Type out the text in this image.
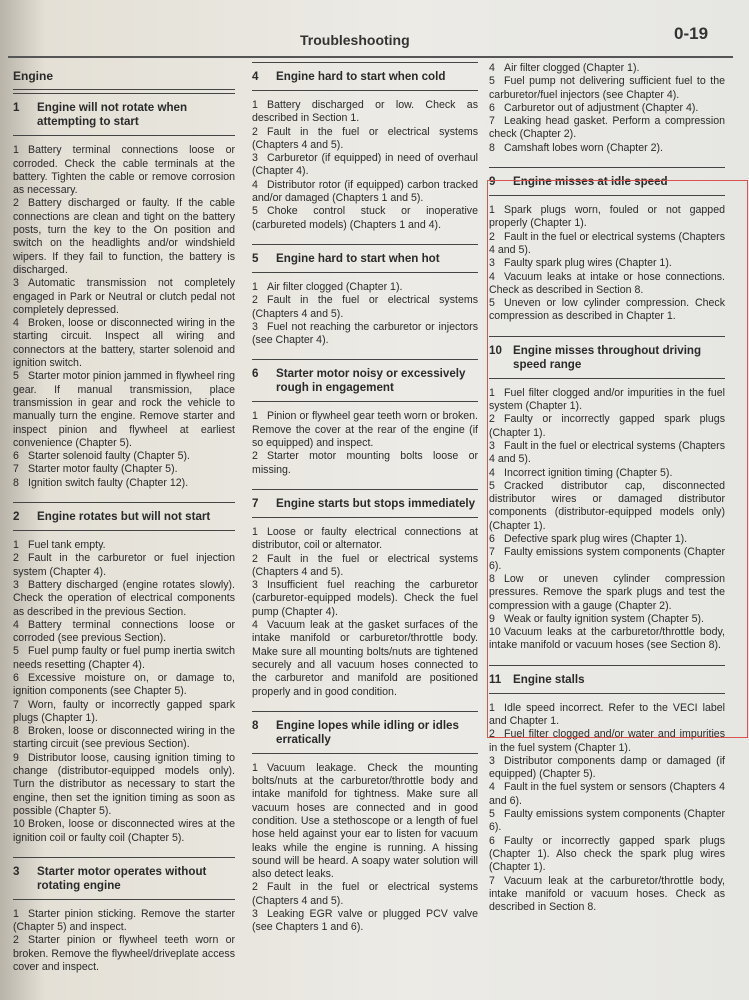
Troubleshooting	0-19
Engine
1	Engine will not rotate when attempting to start

1 Battery terminal connections loose or corroded. Check the cable terminals at the battery. Tighten the cable or remove corrosion as necessary.

2 Battery discharged or faulty. If the cable connections are clean and tight on the battery posts, turn the key to the On position and switch on the headlights and/or windshield wipers. If they fail to function, the battery is discharged.

3 Automatic transmission not completely engaged in Park or Neutral or clutch pedal not completely depressed.

4 Broken, loose or disconnected wiring in the starting circuit. Inspect all wiring and connectors at the battery, starter solenoid and ignition switch.

5 Starter motor pinion jammed in flywheel ring gear. If manual transmission, place transmission in gear and rock the vehicle to manually turn the engine. Remove starter and inspect pinion and flywheel at earliest convenience (Chapter 5).

6 Starter solenoid faulty (Chapter 5).

7 Starter motor faulty (Chapter 5).

8 Ignition switch faulty (Chapter 12).

2	Engine rotates but will not start

1 Fuel tank empty.

2 Fault in the carburetor or fuel injection system (Chapter 4).

3 Battery discharged (engine rotates slowly). Check the operation of electrical components as described in the previous Section.

4 Battery terminal connections loose or corroded (see previous Section).

5 Fuel pump faulty or fuel pump inertia switch needs resetting (Chapter 4).

6 Excessive moisture on, or damage to, ignition components (see Chapter 5).

7 Worn, faulty or incorrectly gapped spark plugs (Chapter 1).

8 Broken, loose or disconnected wiring in the starting circuit (see previous Section).

9 Distributor loose, causing ignition timing to change (distributor-equipped models only). Turn the distributor as necessary to start the engine, then set the ignition timing as soon as possible (Chapter 5).

10 Broken, loose or disconnected wires at the ignition coil or faulty coil (Chapter 5).

3	Starter motor operates without rotating engine

1 Starter pinion sticking. Remove the starter (Chapter 5) and inspect.

2 Starter pinion or flywheel teeth worn or broken. Remove the flywheel/driveplate access cover and inspect.

4	Engine hard to start when cold

1 Battery discharged or low. Check as described in Section 1.

2 Fault in the fuel or electrical systems (Chapters 4 and 5).

3 Carburetor (if equipped) in need of overhaul (Chapter 4).

4 Distributor rotor (if equipped) carbon tracked and/or damaged (Chapters 1 and 5).

5 Choke control stuck or inoperative (carbureted models) (Chapters 1 and 4).

5	Engine hard to start when hot

1 Air filter clogged (Chapter 1).

2 Fault in the fuel or electrical systems (Chapters 4 and 5).

3 Fuel not reaching the carburetor or injectors (see Chapter 4).

6	Starter motor noisy or excessively rough in engagement

1 Pinion or flywheel gear teeth worn or broken. Remove the cover at the rear of the engine (if so equipped) and inspect.

2 Starter motor mounting bolts loose or missing.

7	Engine starts but stops immediately

1 Loose or faulty electrical connections at distributor, coil or alternator.

2 Fault in the fuel or electrical systems (Chapters 4 and 5).

3 Insufficient fuel reaching the carburetor (carburetor-equipped models). Check the fuel pump (Chapter 4).

4 Vacuum leak at the gasket surfaces of the intake manifold or carburetor/throttle body. Make sure all mounting bolts/nuts are tightened securely and all vacuum hoses connected to the carburetor and manifold are positioned properly and in good condition.

8	Engine lopes while idling or idles erratically

1 Vacuum leakage. Check the mounting bolts/nuts at the carburetor/throttle body and intake manifold for tightness. Make sure all vacuum hoses are connected and in good condition. Use a stethoscope or a length of fuel hose held against your ear to listen for vacuum leaks while the engine is running. A hissing sound will be heard. A soapy water solution will also detect leaks.

2 Fault in the fuel or electrical systems (Chapters 4 and 5).

3 Leaking EGR valve or plugged PCV valve (see Chapters 1 and 6).

4 Air filter clogged (Chapter 1).

5 Fuel pump not delivering sufficient fuel to the carburetor/fuel injectors (see Chapter 4).

6 Carburetor out of adjustment (Chapter 4).

7 Leaking head gasket. Perform a compression check (Chapter 2).

8 Camshaft lobes worn (Chapter 2).

9	Engine misses at idle speed

1 Spark plugs worn, fouled or not gapped properly (Chapter 1).

2 Fault in the fuel or electrical systems (Chapters 4 and 5).

3 Faulty spark plug wires (Chapter 1).

4 Vacuum leaks at intake or hose connections. Check as described in Section 8.

5 Uneven or low cylinder compression. Check compression as described in Chapter 1.

10 Engine misses throughout driving speed range

1 Fuel filter clogged and/or impurities in the fuel system (Chapter 1).

2 Faulty or incorrectly gapped spark plugs (Chapter 1).

3 Fault in the fuel or electrical systems (Chapters 4 and 5).

4 Incorrect ignition timing (Chapter 5).

5 Cracked distributor cap, disconnected distributor wires or damaged distributor components (distributor-equipped models only) (Chapter 1).

6 Defective spark plug wires (Chapter 1).

7 Faulty emissions system components (Chapter 6).

8 Low or uneven cylinder compression pressures. Remove the spark plugs and test the compression with a gauge (Chapter 2).

9 Weak or faulty ignition system (Chapter 5).

10 Vacuum leaks at the carburetor/throttle body, intake manifold or vacuum hoses (see Section 8).

11	Engine stalls

1 Idle speed incorrect. Refer to the VECI label and Chapter 1.

2 Fuel filter clogged and/or water and impurities in the fuel system (Chapter 1).

3 Distributor components damp or damaged (if equipped) (Chapter 5).

4 Fault in the fuel system or sensors (Chapters 4 and 6).

5 Faulty emissions system components (Chapter 6).

6 Faulty or incorrectly gapped spark plugs (Chapter 1). Also check the spark plug wires (Chapter 1).

7 Vacuum leak at the carburetor/throttle body, intake manifold or vacuum hoses. Check as described in Section 8.
